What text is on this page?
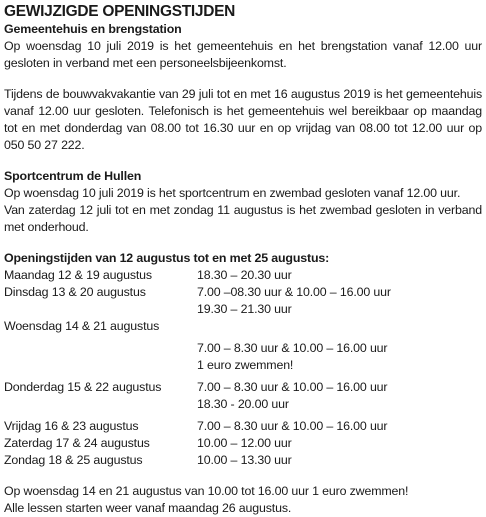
GEWIJZIGDE OPENINGSTIJDEN

Gemeentehuis en brengstation

Op woensdag 10 juli 2019 is het gemeentehuis en het brengstation vanaf 12.00 uur gesloten in verband met een personeelsbijeenkomst.

Tijdens de bouwvakvakantie van 29 juli tot en met 16 augustus 2019 is het gemeentehuis vanaf 12.00 uur gesloten. Telefonisch is het gemeentehuis wel bereikbaar op maandag tot en met donderdag van 08.00 tot 16.30 uur en op vrijdag van 08.00 tot 12.00 uur op 050 50 27 222.

Sportcentrum de Hullen

Op woensdag 10 juli 2019 is het sportcentrum en zwembad gesloten vanaf 12.00 uur.

Van zaterdag 12 juli tot en met zondag 11 augustus is het zwembad gesloten in verband met onderhoud.

Openingstijden van 12 augustus tot en met 25 augustus:

Maandag 12 & 19 augustus	18.30 – 20.30 uur
Dinsdag 13 & 20 augustus	7.00 –08.30 uur & 10.00 – 16.00 uur
19.30 – 21.30 uur
Woensdag 14 & 21 augustus
7.00 – 8.30 uur & 10.00 – 16.00 uur
1 euro zwemmen!
Donderdag 15 & 22 augustus	7.00 – 8.30 uur & 10.00 – 16.00 uur
18.30 - 20.00 uur
Vrijdag 16 & 23 augustus	7.00 – 8.30 uur & 10.00 – 16.00 uur
Zaterdag 17 & 24 augustus	10.00 – 12.00 uur
Zondag 18 & 25 augustus	10.00 – 13.30 uur

Op woensdag 14 en 21 augustus van 10.00 tot 16.00 uur 1 euro zwemmen!

Alle lessen starten weer vanaf maandag 26 augustus.
